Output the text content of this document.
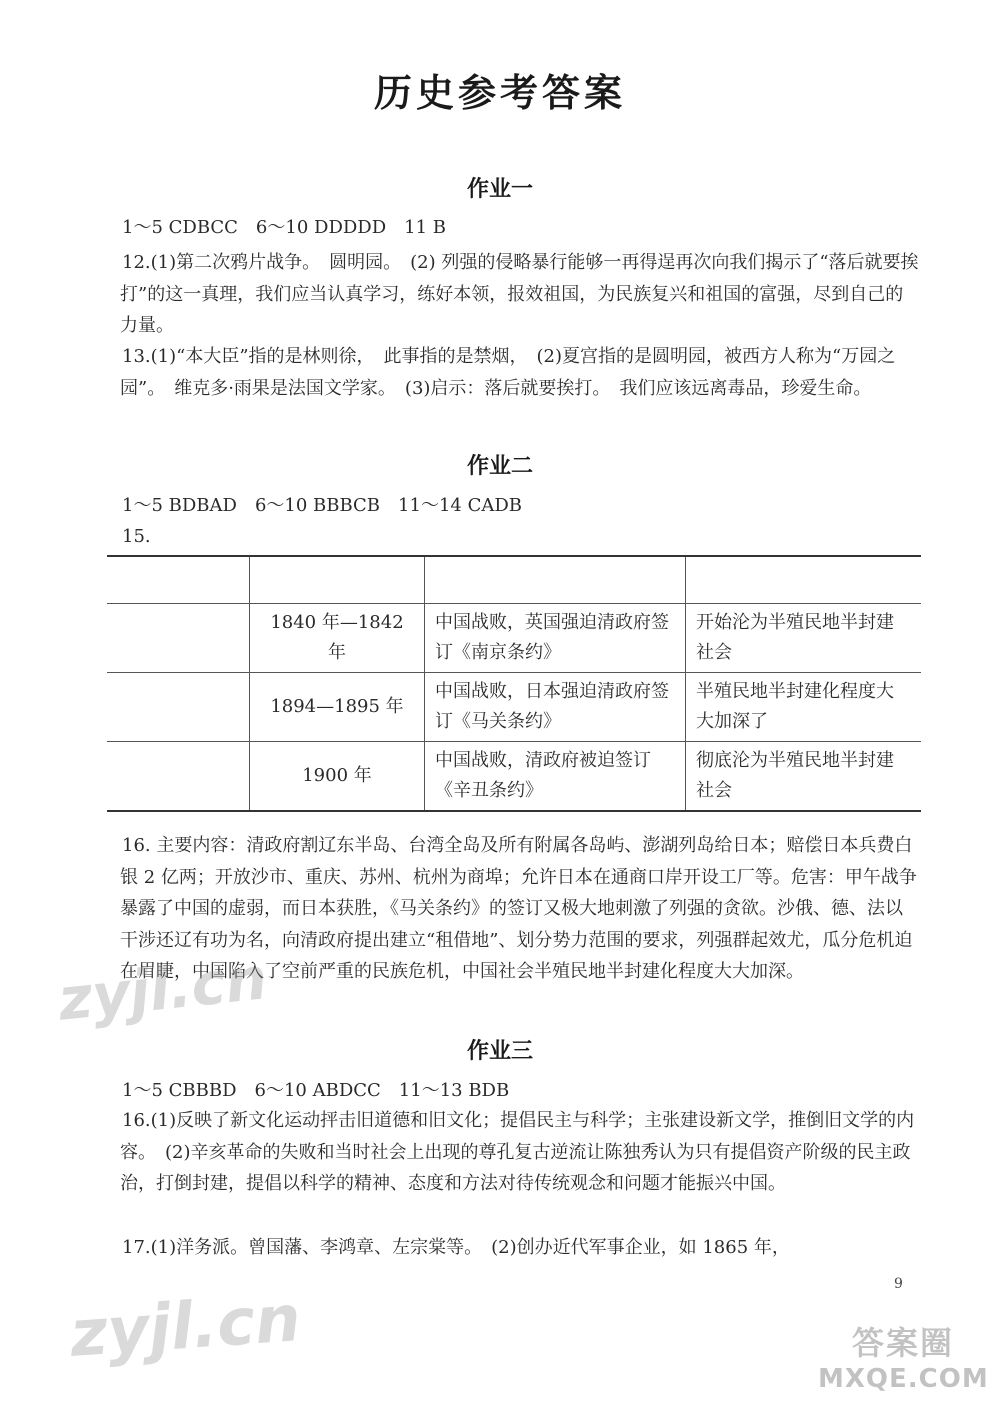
历史参考答案
作业一
1～5 CDBCC　6～10 DDDDD　11 B
12.(1)第二次鸦片战争。　圆明园。　(2) 列强的侵略暴行能够一再得逞再次向我们揭示了“落后就要挨打”的这一真理，我们应当认真学习，练好本领，报效祖国，为民族复兴和祖国的富强，尽到自己的力量。
13.(1)“本大臣”指的是林则徐，　此事指的是禁烟，　(2)夏宫指的是圆明园，被西方人称为“万园之园”。　维克多·雨果是法国文学家。　(3)启示：落后就要挨打。　我们应该远离毒品，珍爱生命。
作业二
1～5 BDBAD　6～10 BBBCB　11～14 CADB
15.

	1840 年—1842 年	中国战败，英国强迫清政府签订《南京条约》	开始沦为半殖民地半封建社会
	1894—1895 年	中国战败，日本强迫清政府签订《马关条约》	半殖民地半封建化程度大大加深了
	1900 年	中国战败，清政府被迫签订《辛丑条约》	彻底沦为半殖民地半封建社会
16. 主要内容：清政府割辽东半岛、台湾全岛及所有附属各岛屿、澎湖列岛给日本；赔偿日本兵费白银 2 亿两；开放沙市、重庆、苏州、杭州为商埠；允许日本在通商口岸开设工厂等。危害：甲午战争暴露了中国的虚弱，而日本获胜，《马关条约》的签订又极大地刺激了列强的贪欲。沙俄、德、法以干涉还辽有功为名，向清政府提出建立“租借地”、划分势力范围的要求，列强群起效尤，瓜分危机迫在眉睫，中国陷入了空前严重的民族危机，中国社会半殖民地半封建化程度大大加深。
作业三
1～5 CBBBD　6～10 ABDCC　11～13 BDB
16.(1)反映了新文化运动抨击旧道德和旧文化；提倡民主与科学；主张建设新文学，推倒旧文学的内容。　(2)辛亥革命的失败和当时社会上出现的尊孔复古逆流让陈独秀认为只有提倡资产阶级的民主政治，打倒封建，提倡以科学的精神、态度和方法对待传统观念和问题才能振兴中国。
17.(1)洋务派。曾国藩、李鸿章、左宗棠等。　(2)创办近代军事企业，如 1865 年，
9
zyjl.cn
zyjl.cn	答案圈
MXQE.COM
